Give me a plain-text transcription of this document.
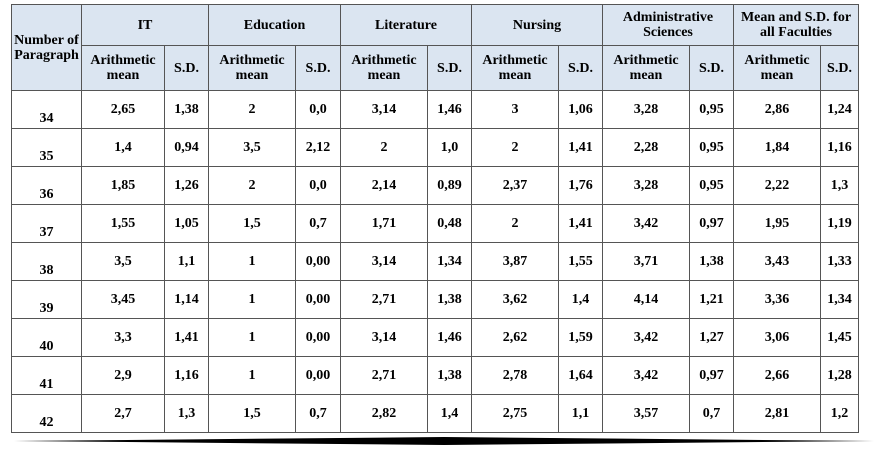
Number of Paragraph	IT		Education		Literature		Nursing		Administrative Sciences		Mean and S.D. for all Faculties	
	Arithmetic mean	S.D.	Arithmetic mean	S.D.	Arithmetic mean	S.D.	Arithmetic mean	S.D.	Arithmetic mean	S.D.	Arithmetic mean	S.D.
34	2,65	1,38	2	0,0	3,14	1,46	3	1,06	3,28	0,95	2,86	1,24
35	1,4	0,94	3,5	2,12	2	1,0	2	1,41	2,28	0,95	1,84	1,16
36	1,85	1,26	2	0,0	2,14	0,89	2,37	1,76	3,28	0,95	2,22	1,3
37	1,55	1,05	1,5	0,7	1,71	0,48	2	1,41	3,42	0,97	1,95	1,19
38	3,5	1,1	1	0,00	3,14	1,34	3,87	1,55	3,71	1,38	3,43	1,33
39	3,45	1,14	1	0,00	2,71	1,38	3,62	1,4	4,14	1,21	3,36	1,34
40	3,3	1,41	1	0,00	3,14	1,46	2,62	1,59	3,42	1,27	3,06	1,45
41	2,9	1,16	1	0,00	2,71	1,38	2,78	1,64	3,42	0,97	2,66	1,28
42	2,7	1,3	1,5	0,7	2,82	1,4	2,75	1,1	3,57	0,7	2,81	1,2
